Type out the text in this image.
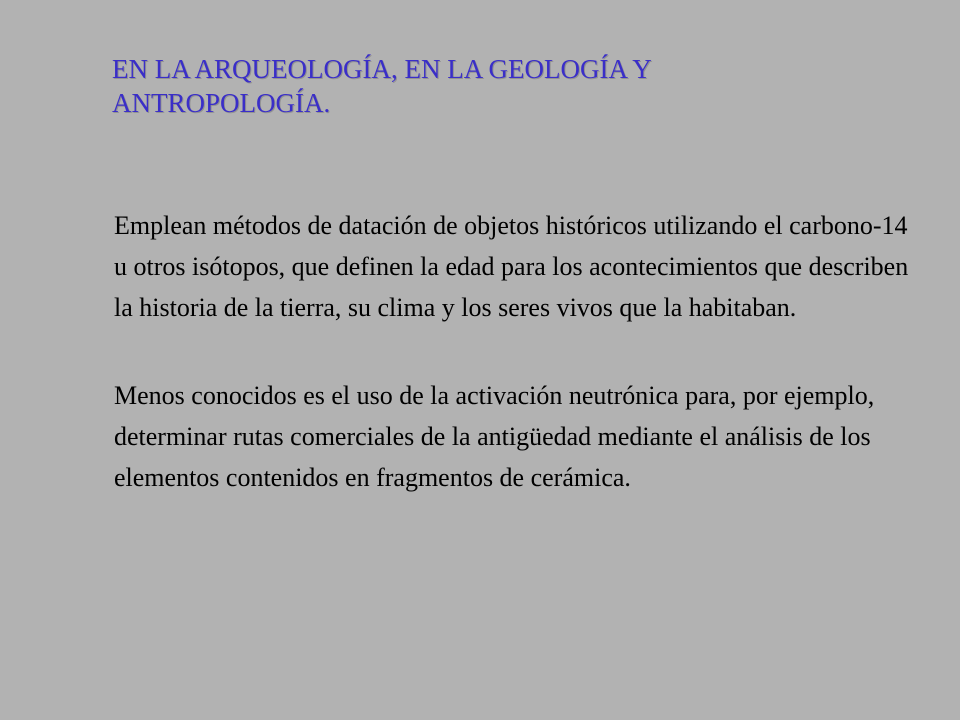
EN LA ARQUEOLOGÍA, EN LA GEOLOGÍA Y ANTROPOLOGÍA.

Emplean métodos de datación de objetos históricos utilizando el carbono-14 u otros isótopos, que definen la edad para los acontecimientos que describen la historia de la tierra, su clima y los seres vivos que la habitaban.

Menos conocidos es el uso de la activación neutrónica para, por ejemplo, determinar rutas comerciales de la antigüedad mediante el análisis de los elementos contenidos en fragmentos de cerámica.
